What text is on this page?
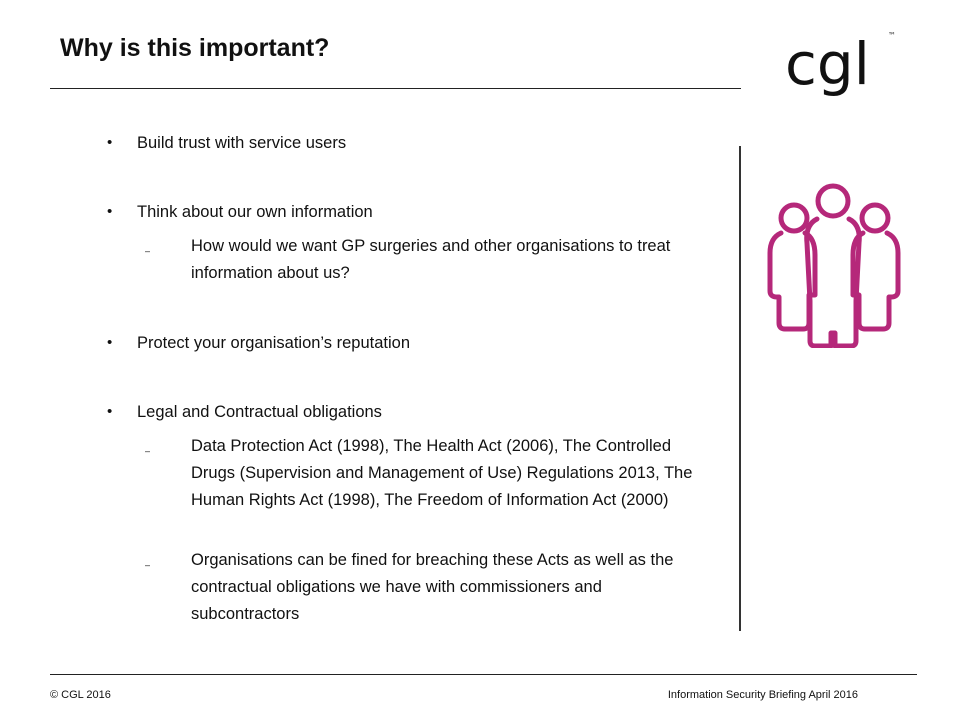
Why is this important?	cgl ™
• Build trust with service users
• Think about our own information
– How would we want GP surgeries and other organisations to treat information about us?
• Protect your organisation’s reputation
• Legal and Contractual obligations
– Data Protection Act (1998), The Health Act (2006), The Controlled Drugs (Supervision and Management of Use) Regulations 2013, The Human Rights Act (1998), The Freedom of Information Act (2000)
– Organisations can be fined for breaching these Acts as well as the contractual obligations we have with commissioners and subcontractors
© CGL 2016	Information Security Briefing April 2016
